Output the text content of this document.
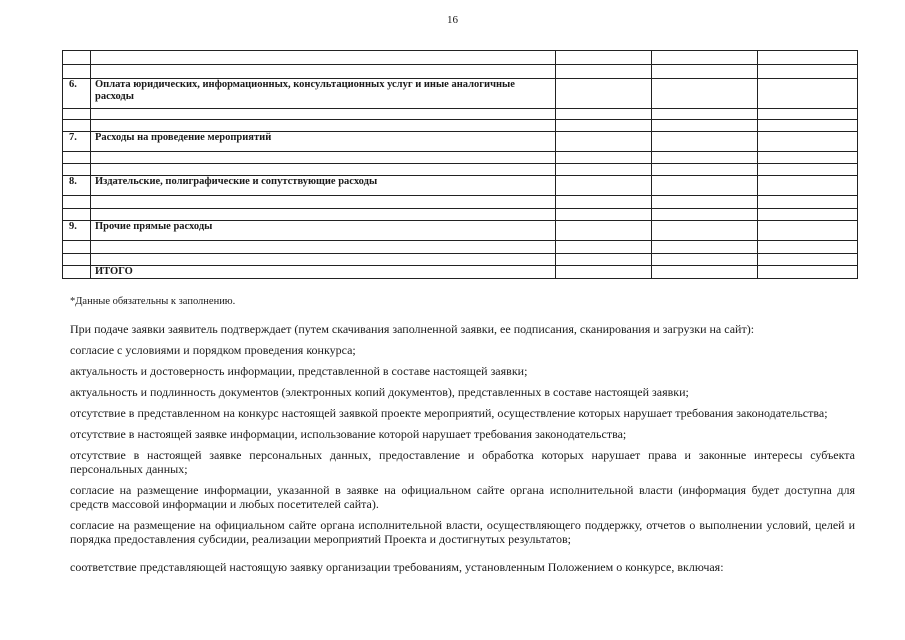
16

6.	Оплата юридических, информационных, консультационных услуг и иные аналогичные расходы			

7.	Расходы на проведение мероприятий			

8.	Издательские, полиграфические и сопутствующие расходы			

9.	Прочие прямые расходы			

	ИТОГО			
*Данные обязательны к заполнению.

При подаче заявки заявитель подтверждает (путем скачивания заполненной заявки, ее подписания, сканирования и загрузки на сайт):

согласие с условиями и порядком проведения конкурса;

актуальность и достоверность информации, представленной в составе настоящей заявки;

актуальность и подлинность документов (электронных копий документов), представленных в составе настоящей заявки;

отсутствие в представленном на конкурс настоящей заявкой проекте мероприятий, осуществление которых нарушает требования законодательства;

отсутствие в настоящей заявке информации, использование которой нарушает требования законодательства;

отсутствие в настоящей заявке персональных данных, предоставление и обработка которых нарушает права и законные интересы субъекта персональных данных;

согласие на размещение информации, указанной в заявке на официальном сайте органа исполнительной власти (информация будет доступна для средств массовой информации и любых посетителей сайта).

согласие на размещение на официальном сайте органа исполнительной власти, осуществляющего поддержку, отчетов о выполнении условий, целей и порядка предоставления субсидии, реализации мероприятий Проекта и достигнутых результатов;

соответствие представляющей настоящую заявку организации требованиям, установленным Положением о конкурсе, включая:
